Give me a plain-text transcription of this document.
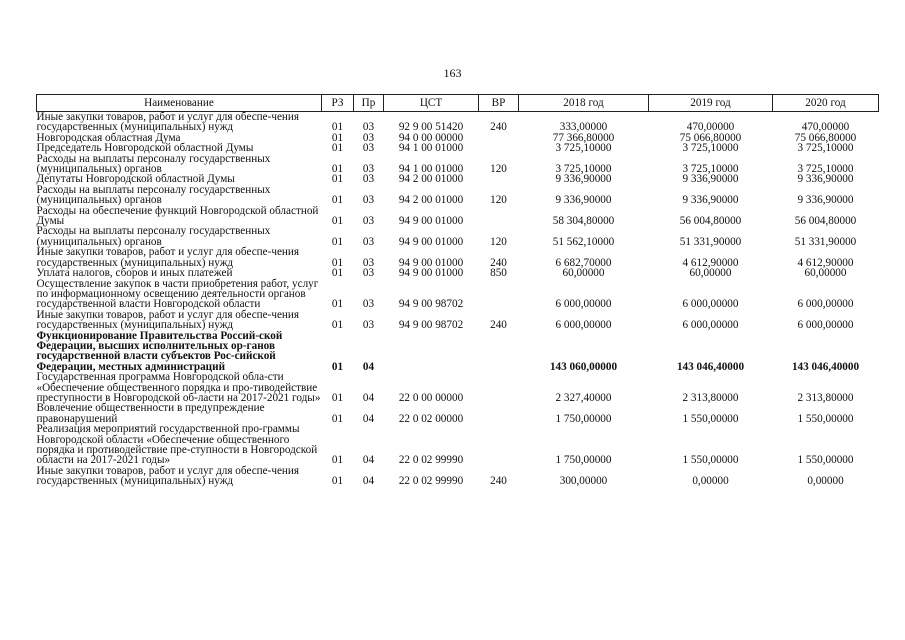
163
Наименование	РЗ	Пр	ЦСТ	ВР	2018 год	2019 год	2020 год
Иные закупки товаров, работ и услуг для обеспе-чения государственных (муниципальных) нужд	01	03	92 9 00 51420	240	333,00000	470,00000	470,00000
Новгородская областная Дума	01	03	94 0 00 00000		77 366,80000	75 066,80000	75 066,80000
Председатель Новгородской областной Думы	01	03	94 1 00 01000		3 725,10000	3 725,10000	3 725,10000
Расходы на выплаты персоналу государственных (муниципальных) органов	01	03	94 1 00 01000	120	3 725,10000	3 725,10000	3 725,10000
Депутаты Новгородской областной Думы	01	03	94 2 00 01000		9 336,90000	9 336,90000	9 336,90000
Расходы на выплаты персоналу государственных (муниципальных) органов	01	03	94 2 00 01000	120	9 336,90000	9 336,90000	9 336,90000
Расходы на обеспечение функций Новгородской областной Думы	01	03	94 9 00 01000		58 304,80000	56 004,80000	56 004,80000
Расходы на выплаты персоналу государственных (муниципальных) органов	01	03	94 9 00 01000	120	51 562,10000	51 331,90000	51 331,90000
Иные закупки товаров, работ и услуг для обеспе-чения государственных (муниципальных) нужд	01	03	94 9 00 01000	240	6 682,70000	4 612,90000	4 612,90000
Уплата налогов, сборов и иных платежей	01	03	94 9 00 01000	850	60,00000	60,00000	60,00000
Осуществление закупок в части приобретения работ, услуг по информационному освещению деятельности органов государственной власти Новгородской области	01	03	94 9 00 98702		6 000,00000	6 000,00000	6 000,00000
Иные закупки товаров, работ и услуг для обеспе-чения государственных (муниципальных) нужд	01	03	94 9 00 98702	240	6 000,00000	6 000,00000	6 000,00000
Функционирование Правительства Россий-ской Федерации, высших исполнительных ор-ганов государственной власти субъектов Рос-сийской Федерации, местных администраций	01	04			143 060,00000	143 046,40000	143 046,40000
Государственная программа Новгородской обла-сти «Обеспечение общественного порядка и про-тиводействие преступности в Новгородской об-ласти на 2017-2021 годы»	01	04	22 0 00 00000		2 327,40000	2 313,80000	2 313,80000
Вовлечение общественности в предупреждение правонарушений	01	04	22 0 02 00000		1 750,00000	1 550,00000	1 550,00000
Реализация мероприятий государственной про-граммы Новгородской области «Обеспечение общественного порядка и противодействие пре-ступности в Новгородской области на 2017-2021 годы»	01	04	22 0 02 99990		1 750,00000	1 550,00000	1 550,00000
Иные закупки товаров, работ и услуг для обеспе-чения государственных (муниципальных) нужд	01	04	22 0 02 99990	240	300,00000	0,00000	0,00000
